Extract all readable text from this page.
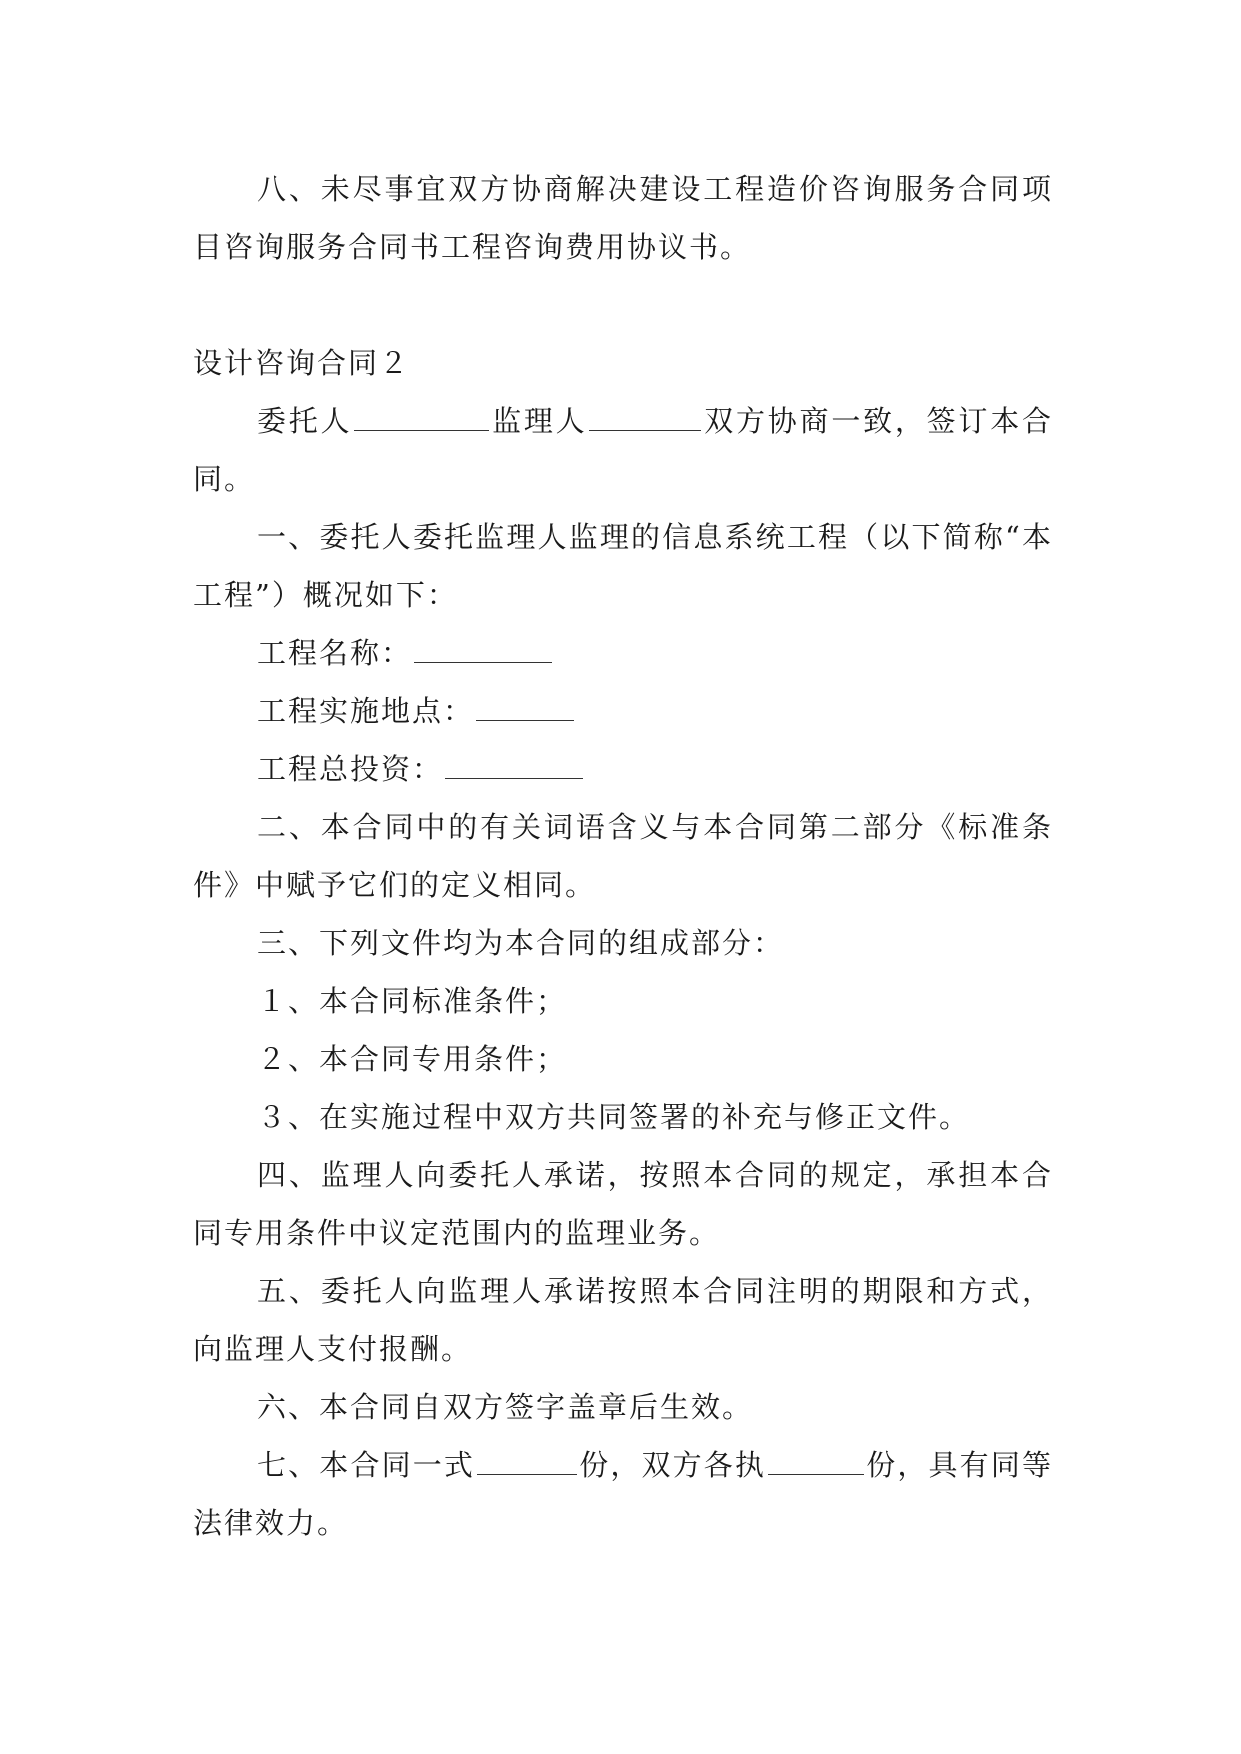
八、未尽事宜双方协商解决建设工程造价咨询服务合同项目咨询服务合同书工程咨询费用协议书。

设计咨询合同２

委托人	监理人	双方协商一致，签订本合同。

一、委托人委托监理人监理的信息系统工程（以下简称“本工程”）概况如下：

工程名称：

工程实施地点：

工程总投资：

二、本合同中的有关词语含义与本合同第二部分《标准条件》中赋予它们的定义相同。

三、下列文件均为本合同的组成部分：

１、本合同标准条件；

２、本合同专用条件；

３、在实施过程中双方共同签署的补充与修正文件。

四、监理人向委托人承诺，按照本合同的规定，承担本合同专用条件中议定范围内的监理业务。

五、委托人向监理人承诺按照本合同注明的期限和方式，向监理人支付报酬。

六、本合同自双方签字盖章后生效。

七、本合同一式	份，双方各执	份，具有同等法律效力。
